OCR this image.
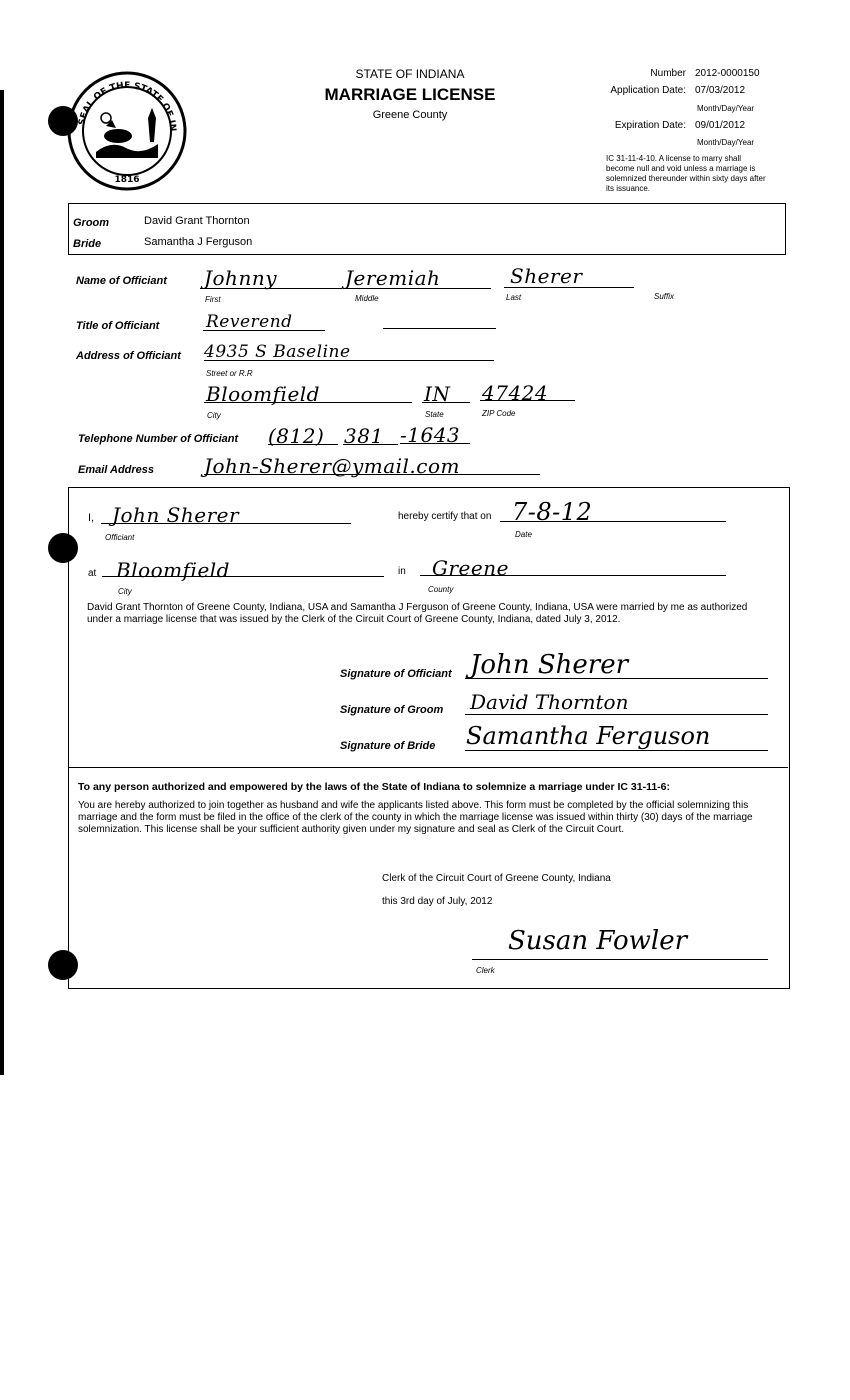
SEAL OF THE STATE OF IN
1816
STATE OF INDIANA
MARRIAGE LICENSE
Greene County
Number 2012-0000150
Application Date: 07/03/2012
Month/Day/Year
Expiration Date: 09/01/2012
Month/Day/Year
IC 31-11-4-10. A license to marry shall become null and void unless a marriage is solemnized thereunder within sixty days after its issuance.
Groom	David Grant Thornton
Bride	Samantha J Ferguson
Name of Officiant Johnny	Jeremiah	Sherer
First	Middle	Last	Suffix
Title of Officiant	Reverend
Address of Officiant 4935 S Baseline
Street or R.R
Bloomfield	IN 47424
City	State	ZIP Code
Telephone Number of Officiant (812) 381 -1643
Email Address John-Sherer@ymail.com
I, John Sherer
Officiant
hereby certify that on 7-8-12
Date
at Bloomfield
City
in Greene
County
David Grant Thornton of Greene County, Indiana, USA and Samantha J Ferguson of Greene County, Indiana, USA were married by me as authorized under a marriage license that was issued by the Clerk of the Circuit Court of Greene County, Indiana, dated July 3, 2012.
Signature of Officiant John Sherer
Signature of Groom David Thornton
Signature of Bride Samantha Ferguson
To any person authorized and empowered by the laws of the State of Indiana to solemnize a marriage under IC 31-11-6:
You are hereby authorized to join together as husband and wife the applicants listed above. This form must be completed by the official solemnizing this marriage and the form must be filed in the office of the clerk of the county in which the marriage license was issued within thirty (30) days of the marriage solemnization. This license shall be your sufficient authority given under my signature and seal as Clerk of the Circuit Court.
Clerk of the Circuit Court of Greene County, Indiana
this 3rd day of July, 2012
Susan Fowler
Clerk
